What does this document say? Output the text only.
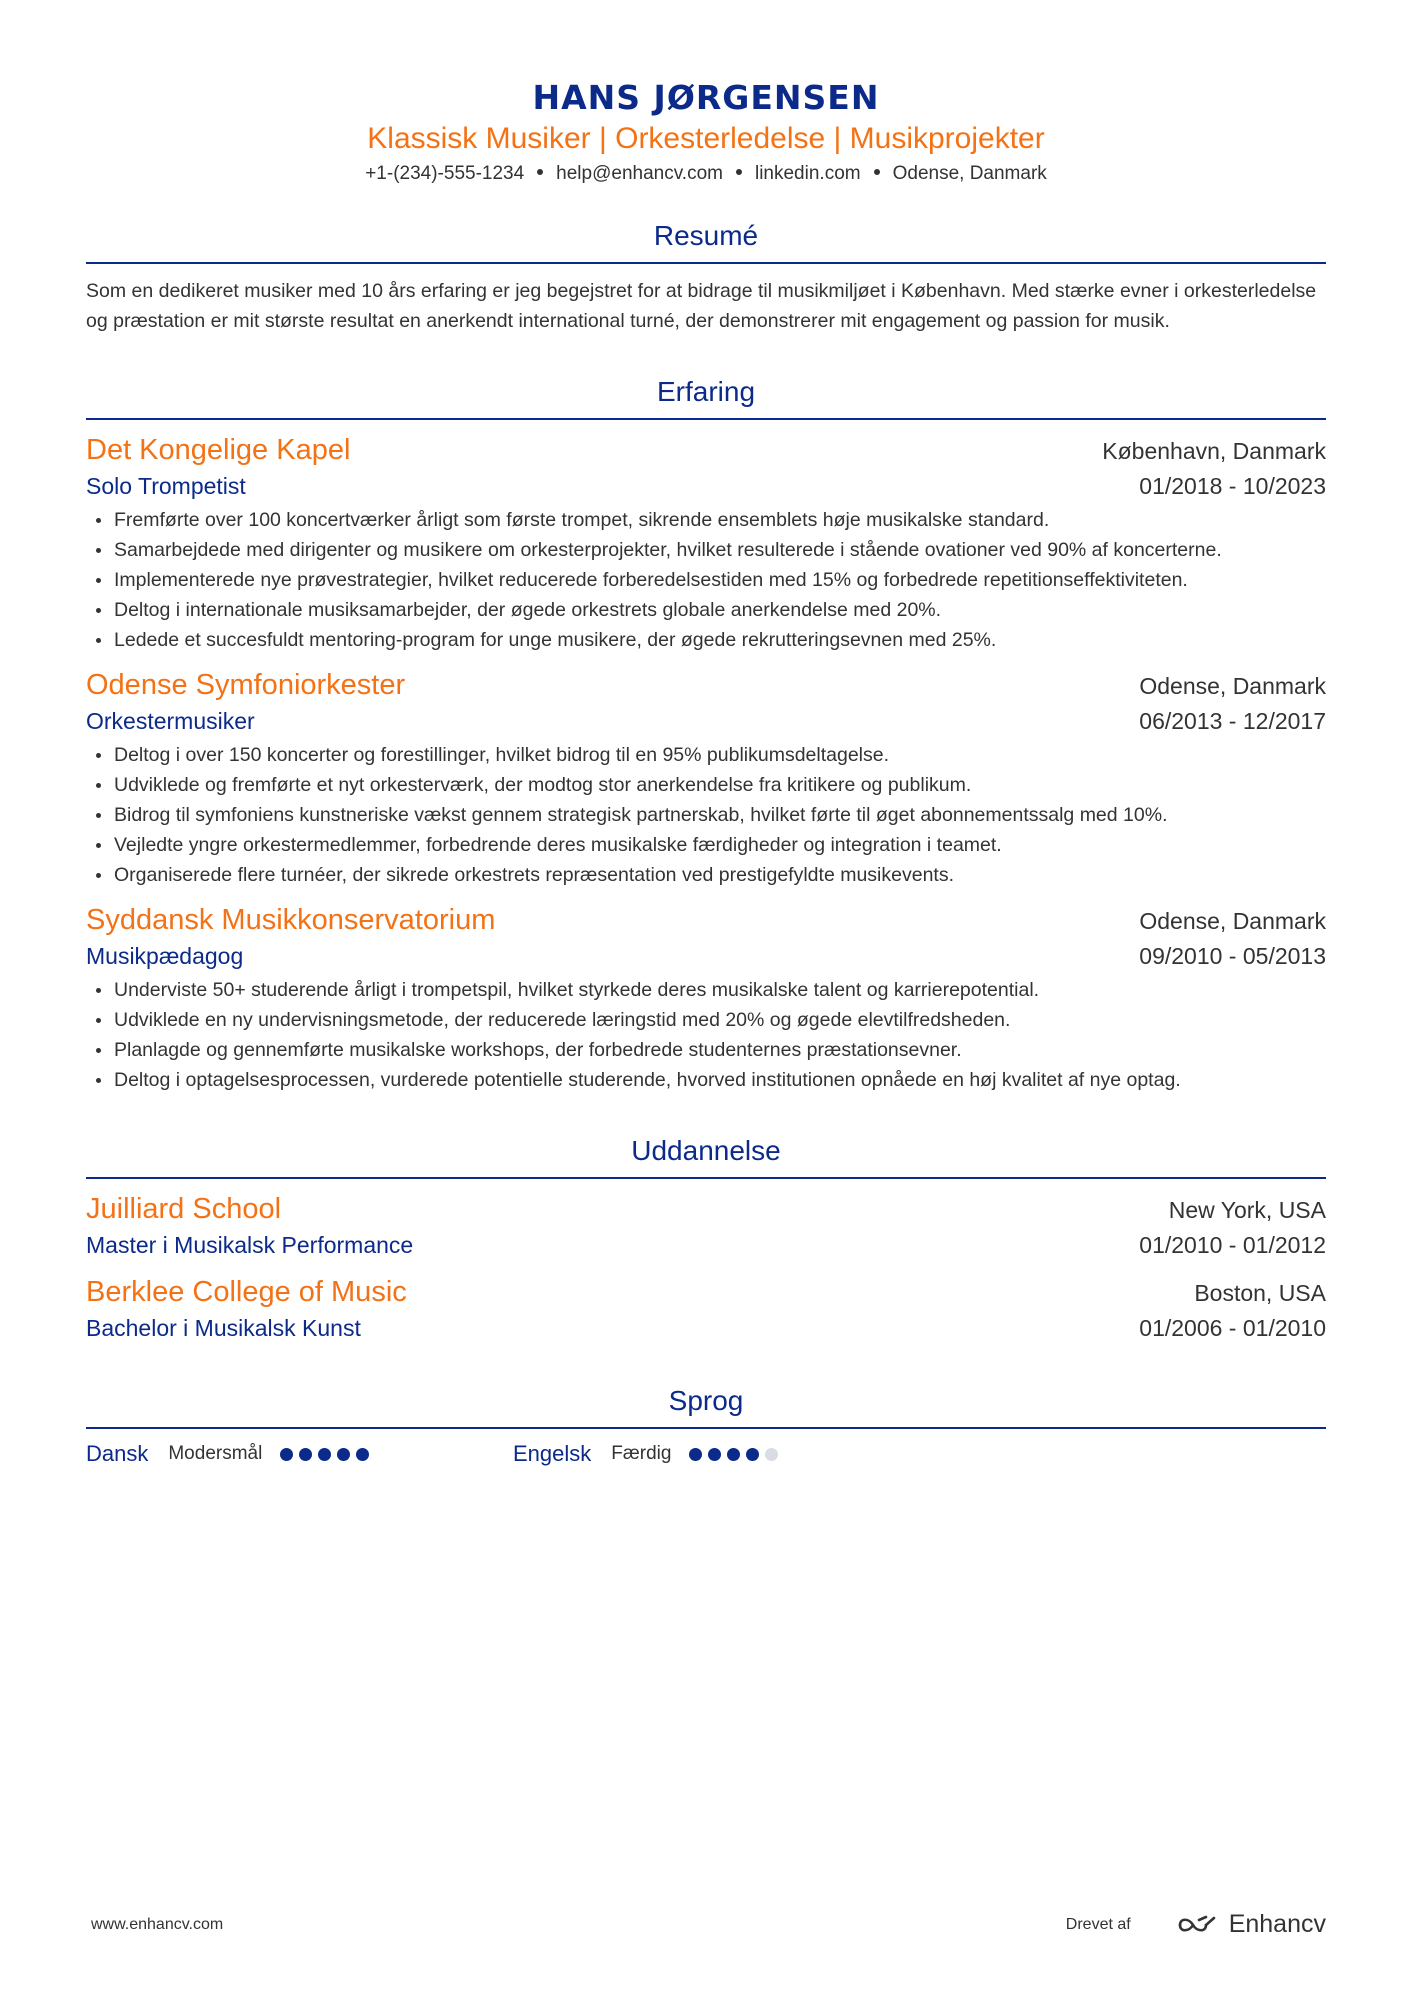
HANS JØRGENSEN
Klassisk Musiker | Orkesterledelse | Musikprojekter
+1-(234)-555-1234 help@enhancv.com linkedin.com Odense, Danmark
Resumé
Som en dedikeret musiker med 10 års erfaring er jeg begejstret for at bidrage til musikmiljøet i København. Med stærke evner i orkesterledelse og præstation er mit største resultat en anerkendt international turné, der demonstrerer mit engagement og passion for musik.
Erfaring
Det Kongelige Kapel	København, Danmark
Solo Trompetist	01/2018 - 10/2023
Fremførte over 100 koncertværker årligt som første trompet, sikrende ensemblets høje musikalske standard.
Samarbejdede med dirigenter og musikere om orkesterprojekter, hvilket resulterede i stående ovationer ved 90% af koncerterne.
Implementerede nye prøvestrategier, hvilket reducerede forberedelsestiden med 15% og forbedrede repetitionseffektiviteten.
Deltog i internationale musiksamarbejder, der øgede orkestrets globale anerkendelse med 20%.
Ledede et succesfuldt mentoring-program for unge musikere, der øgede rekrutteringsevnen med 25%.
Odense Symfoniorkester	Odense, Danmark
Orkestermusiker	06/2013 - 12/2017
Deltog i over 150 koncerter og forestillinger, hvilket bidrog til en 95% publikumsdeltagelse.
Udviklede og fremførte et nyt orkesterværk, der modtog stor anerkendelse fra kritikere og publikum.
Bidrog til symfoniens kunstneriske vækst gennem strategisk partnerskab, hvilket førte til øget abonnementssalg med 10%.
Vejledte yngre orkestermedlemmer, forbedrende deres musikalske færdigheder og integration i teamet.
Organiserede flere turnéer, der sikrede orkestrets repræsentation ved prestigefyldte musikevents.
Syddansk Musikkonservatorium	Odense, Danmark
Musikpædagog	09/2010 - 05/2013
Underviste 50+ studerende årligt i trompetspil, hvilket styrkede deres musikalske talent og karrierepotential.
Udviklede en ny undervisningsmetode, der reducerede læringstid med 20% og øgede elevtilfredsheden.
Planlagde og gennemførte musikalske workshops, der forbedrede studenternes præstationsevner.
Deltog i optagelsesprocessen, vurderede potentielle studerende, hvorved institutionen opnåede en høj kvalitet af nye optag.
Uddannelse
Juilliard School	New York, USA
Master i Musikalsk Performance	01/2010 - 01/2012
Berklee College of Music	Boston, USA
Bachelor i Musikalsk Kunst	01/2006 - 01/2010
Sprog
Dansk Modersmål	Engelsk Færdig
www.enhancv.com	Drevet af	Enhancv
